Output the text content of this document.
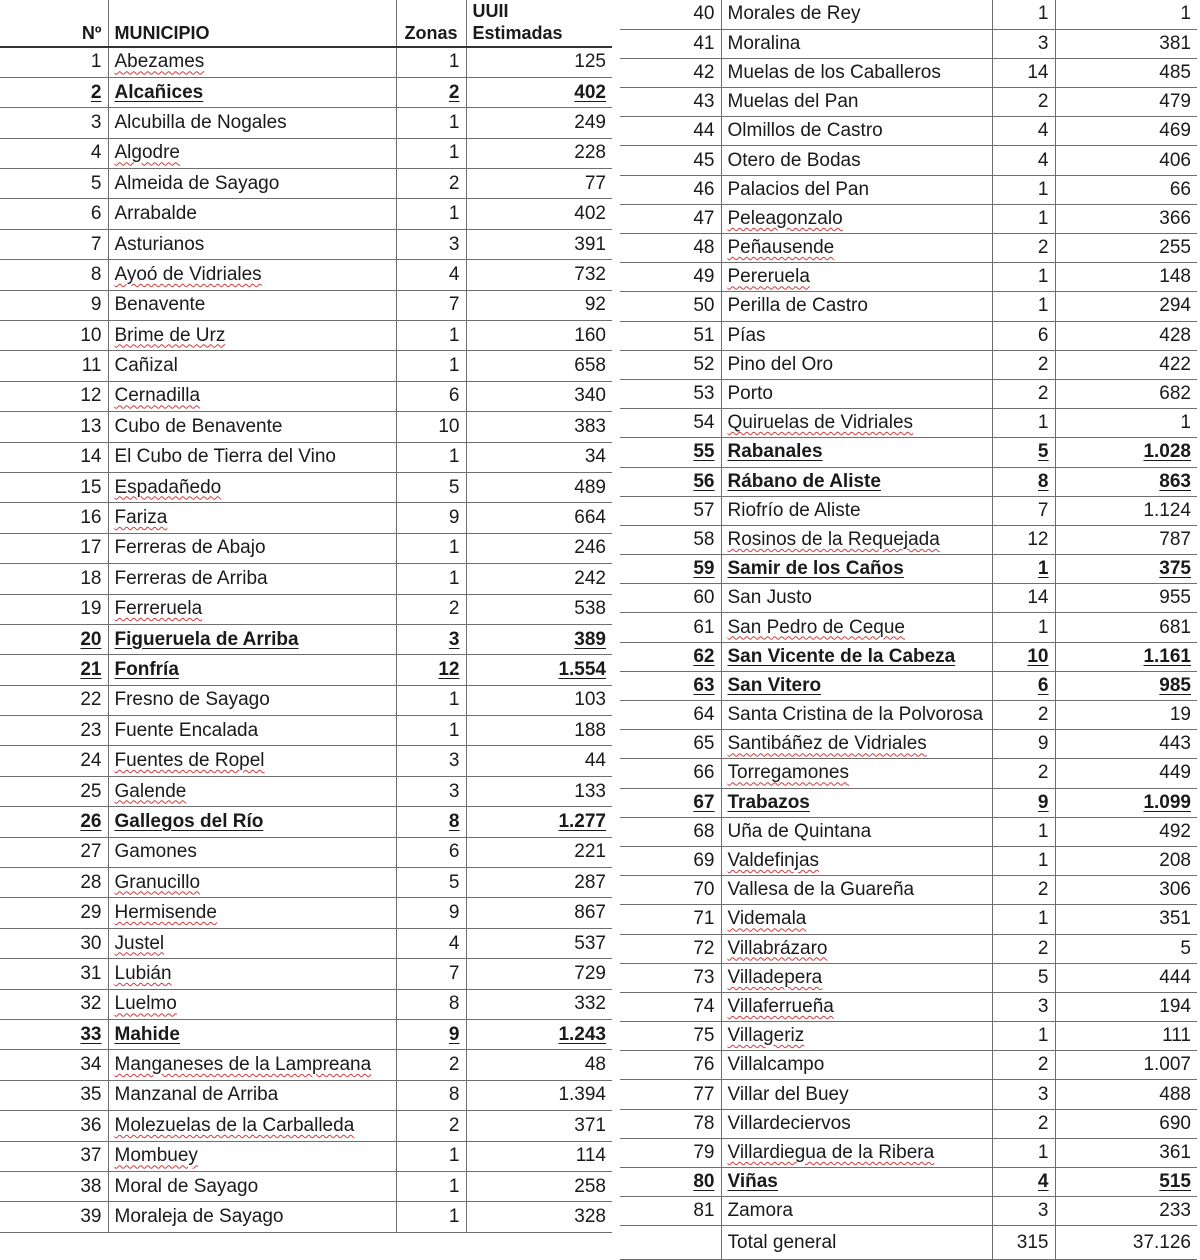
Nº	MUNICIPIO	Zonas	UUII
Estimadas

1	Abezames	1	125
2	Alcañices	2	402
3	Alcubilla de Nogales	1	249
4	Algodre	1	228
5	Almeida de Sayago	2	77
6	Arrabalde	1	402
7	Asturianos	3	391
8	Ayoó de Vidriales	4	732
9	Benavente	7	92
10	Brime de Urz	1	160
11	Cañizal	1	658
12	Cernadilla	6	340
13	Cubo de Benavente	10	383
14	El Cubo de Tierra del Vino	1	34
15	Espadañedo	5	489
16	Fariza	9	664
17	Ferreras de Abajo	1	246
18	Ferreras de Arriba	1	242
19	Ferreruela	2	538
20	Figueruela de Arriba	3	389
21	Fonfría	12	1.554
22	Fresno de Sayago	1	103
23	Fuente Encalada	1	188
24	Fuentes de Ropel	3	44
25	Galende	3	133
26	Gallegos del Río	8	1.277
27	Gamones	6	221
28	Granucillo	5	287
29	Hermisende	9	867
30	Justel	4	537
31	Lubián	7	729
32	Luelmo	8	332
33	Mahide	9	1.243
34	Manganeses de la Lampreana	2	48
35	Manzanal de Arriba	8	1.394
36	Molezuelas de la Carballeda	2	371
37	Mombuey	1	114
38	Moral de Sayago	1	258
39	Moraleja de Sayago	1	328
40	Morales de Rey	1	1
41	Moralina	3	381
42	Muelas de los Caballeros	14	485
43	Muelas del Pan	2	479
44	Olmillos de Castro	4	469
45	Otero de Bodas	4	406
46	Palacios del Pan	1	66
47	Peleagonzalo	1	366
48	Peñausende	2	255
49	Pereruela	1	148
50	Perilla de Castro	1	294
51	Pías	6	428
52	Pino del Oro	2	422
53	Porto	2	682
54	Quiruelas de Vidriales	1	1
55	Rabanales	5	1.028
56	Rábano de Aliste	8	863
57	Riofrío de Aliste	7	1.124
58	Rosinos de la Requejada	12	787
59	Samir de los Caños	1	375
60	San Justo	14	955
61	San Pedro de Ceque	1	681
62	San Vicente de la Cabeza	10	1.161
63	San Vitero	6	985
64	Santa Cristina de la Polvorosa	2	19
65	Santibáñez de Vidriales	9	443
66	Torregamones	2	449
67	Trabazos	9	1.099
68	Uña de Quintana	1	492
69	Valdefinjas	1	208
70	Vallesa de la Guareña	2	306
71	Videmala	1	351
72	Villabrázaro	2	5
73	Villadepera	5	444
74	Villaferrueña	3	194
75	Villageriz	1	111
76	Villalcampo	2	1.007
77	Villar del Buey	3	488
78	Villardeciervos	2	690
79	Villardiegua de la Ribera	1	361
80	Viñas	4	515
81	Zamora	3	233
	Total general	315	37.126
